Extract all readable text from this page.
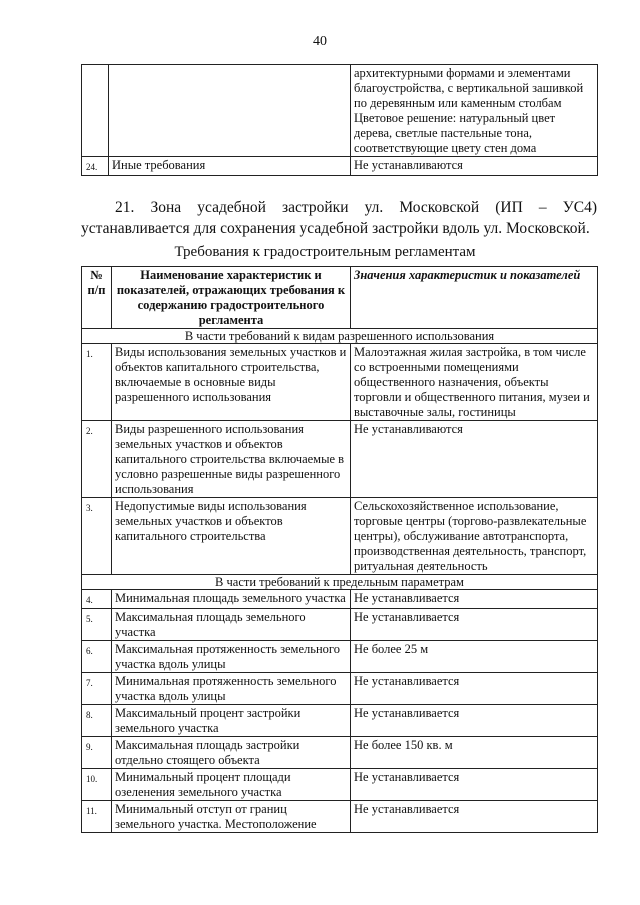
40
		архитектурными формами и элементами благоустройства, с вертикальной зашивкой по деревянным или каменным столбам Цветовое решение: натуральный цвет дерева, светлые пастельные тона, соответствующие цвету стен дома
24.	Иные требования	Не устанавливаются
21. Зона усадебной застройки ул. Московской (ИП – УС4)
устанавливается для сохранения усадебной застройки вдоль ул. Московской.
Требования к градостроительным регламентам
№ п/п	Наименование характеристик и показателей, отражающих требования к содержанию градостроительного регламента	Значения характеристик и показателей
В части требований к видам разрешенного использования		
1.	Виды использования земельных участков и объектов капитального строительства, включаемые в основные виды разрешенного использования	Малоэтажная жилая застройка, в том числе со встроенными помещениями общественного назначения, объекты торговли и общественного питания, музеи и выставочные залы, гостиницы
2.	Виды разрешенного использования земельных участков и объектов капитального строительства включаемые в условно разрешенные виды разрешенного использования	Не устанавливаются
3.	Недопустимые виды использования земельных участков и объектов капитального строительства	Сельскохозяйственное использование, торговые центры (торгово-развлекательные центры), обслуживание автотранспорта, производственная деятельность, транспорт, ритуальная деятельность
В части требований к предельным параметрам		
4.	Минимальная площадь земельного участка	Не устанавливается
5.	Максимальная площадь земельного участка	Не устанавливается
6.	Максимальная протяженность земельного участка вдоль улицы	Не более 25 м
7.	Минимальная протяженность земельного участка вдоль улицы	Не устанавливается
8.	Максимальный процент застройки земельного участка	Не устанавливается
9.	Максимальная площадь застройки отдельно стоящего объекта	Не более 150 кв. м
10.	Минимальный процент площади озеленения земельного участка	Не устанавливается
11.	Минимальный отступ от границ земельного участка. Местоположение	Не устанавливается
